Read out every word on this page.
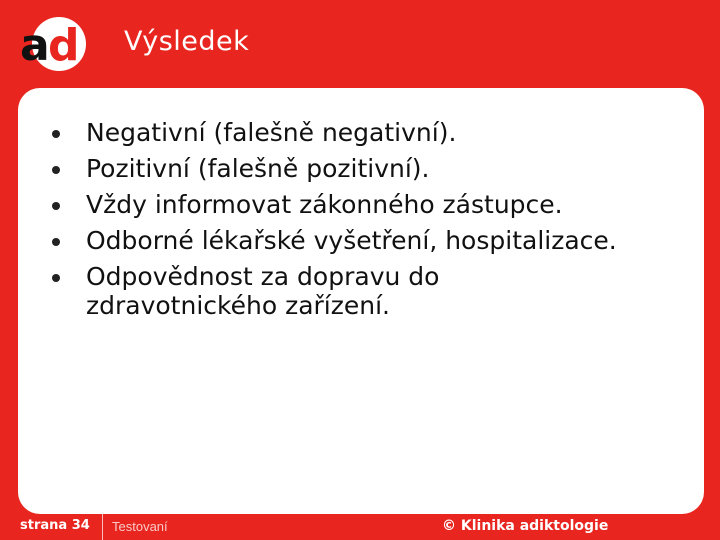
a
d Výsledek
Negativní (falešně negativní).
Pozitivní (falešně pozitivní).
Vždy informovat zákonného zástupce.
Odborné lékařské vyšetření, hospitalizace.
Odpovědnost za dopravu do zdravotnického zařízení.
strana 34 Testovaní	© Klinika adiktologie
